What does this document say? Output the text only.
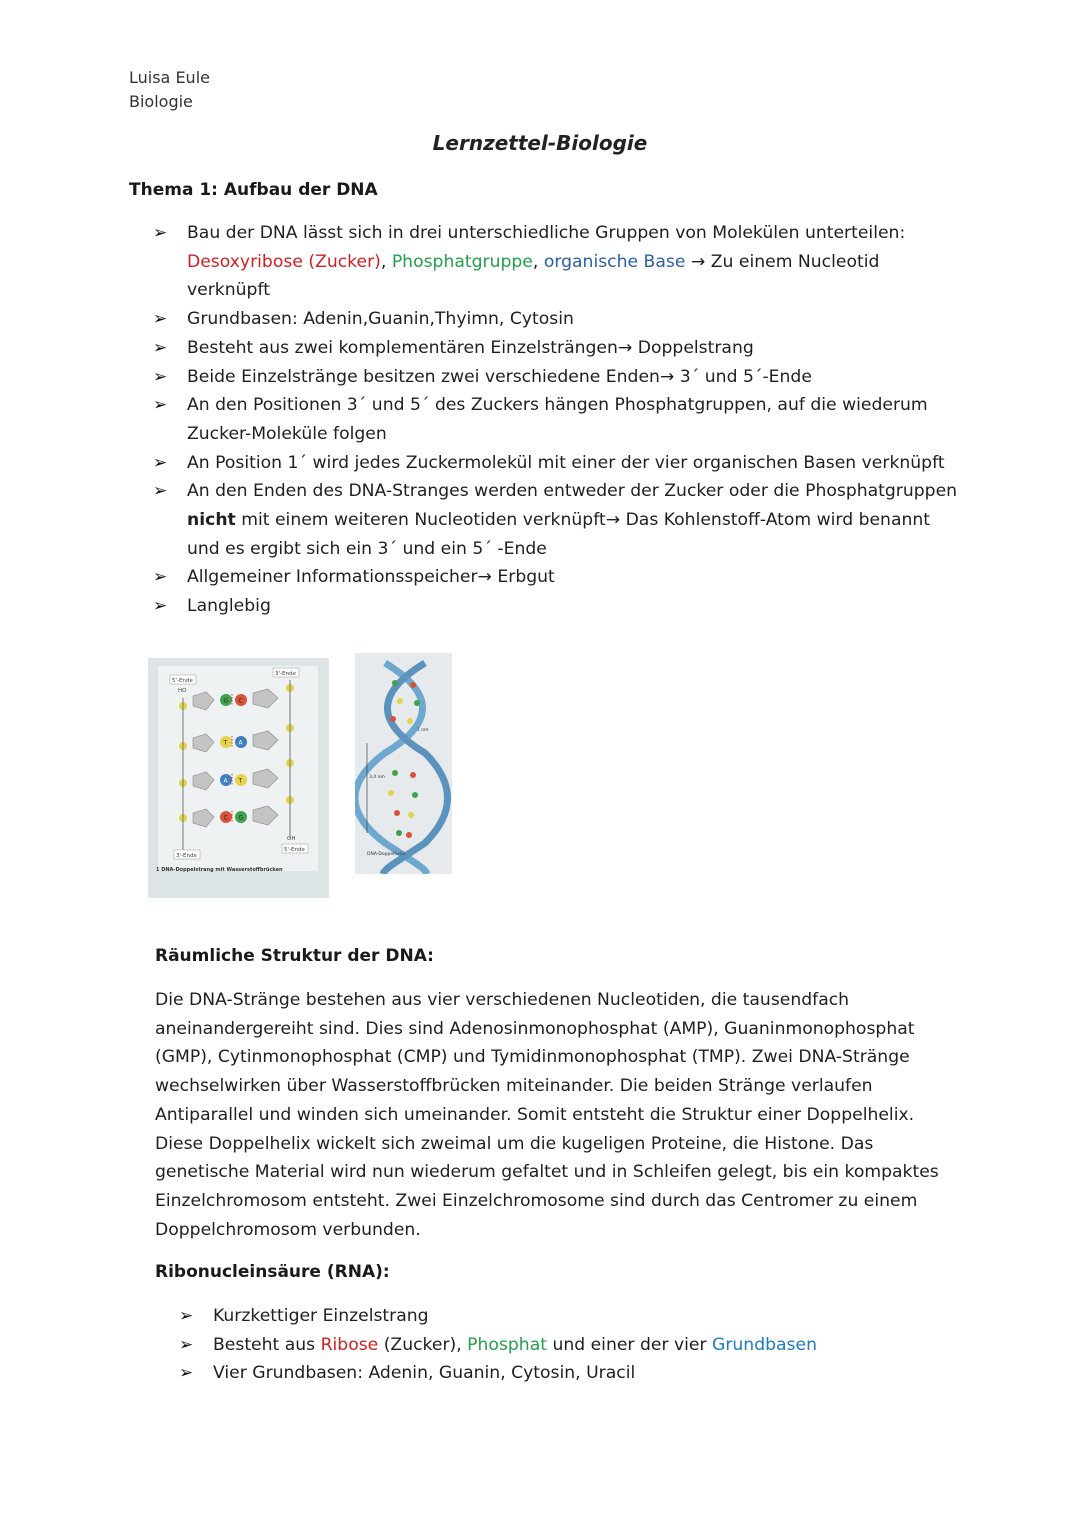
Luisa Eule
Biologie
Lernzettel-Biologie
Thema 1: Aufbau der DNA
➢ Bau der DNA lässt sich in drei unterschiedliche Gruppen von Molekülen unterteilen:
Desoxyribose (Zucker), Phosphatgruppe, organische Base → Zu einem Nucleotid verknüpft
➢ Grundbasen: Adenin,Guanin,Thyimn, Cytosin
➢ Besteht aus zwei komplementären Einzelsträngen→ Doppelstrang
➢ Beide Einzelstränge besitzen zwei verschiedene Enden→ 3´ und 5´-Ende
➢ An den Positionen 3´ und 5´ des Zuckers hängen Phosphatgruppen, auf die wiederum Zucker-Moleküle folgen
➢ An Position 1´ wird jedes Zuckermolekül mit einer der vier organischen Basen verknüpft
➢ An den Enden des DNA-Stranges werden entweder der Zucker oder die Phosphatgruppen nicht mit einem weiteren Nucleotiden verknüpft→ Das Kohlenstoff-Atom wird benannt und es ergibt sich ein 3´ und ein 5´ -Ende
➢ Allgemeiner Informationsspeicher→ Erbgut
➢ Langlebig
5'-Ende
3'-Ende
HO
OH
G C
T A
A T
C G
3'-Ende
5'-Ende
1 DNA-Doppelstrang mit Wasserstoffbrücken
3,4 nm
1 nm
DNA-Doppelhelix
Räumliche Struktur der DNA:

Die DNA-Stränge bestehen aus vier verschiedenen Nucleotiden, die tausendfach aneinandergereiht sind. Dies sind Adenosinmonophosphat (AMP), Guaninmonophosphat (GMP), Cytinmonophosphat (CMP) und Tymidinmonophosphat (TMP). Zwei DNA-Stränge wechselwirken über Wasserstoffbrücken miteinander. Die beiden Stränge verlaufen Antiparallel und winden sich umeinander. Somit entsteht die Struktur einer Doppelhelix. Diese Doppelhelix wickelt sich zweimal um die kugeligen Proteine, die Histone. Das genetische Material wird nun wiederum gefaltet und in Schleifen gelegt, bis ein kompaktes Einzelchromosom entsteht. Zwei Einzelchromosome sind durch das Centromer zu einem Doppelchromosom verbunden.

Ribonucleinsäure (RNA):
➢ Kurzkettiger Einzelstrang
➢ Besteht aus Ribose (Zucker), Phosphat und einer der vier Grundbasen
➢ Vier Grundbasen: Adenin, Guanin, Cytosin, Uracil
